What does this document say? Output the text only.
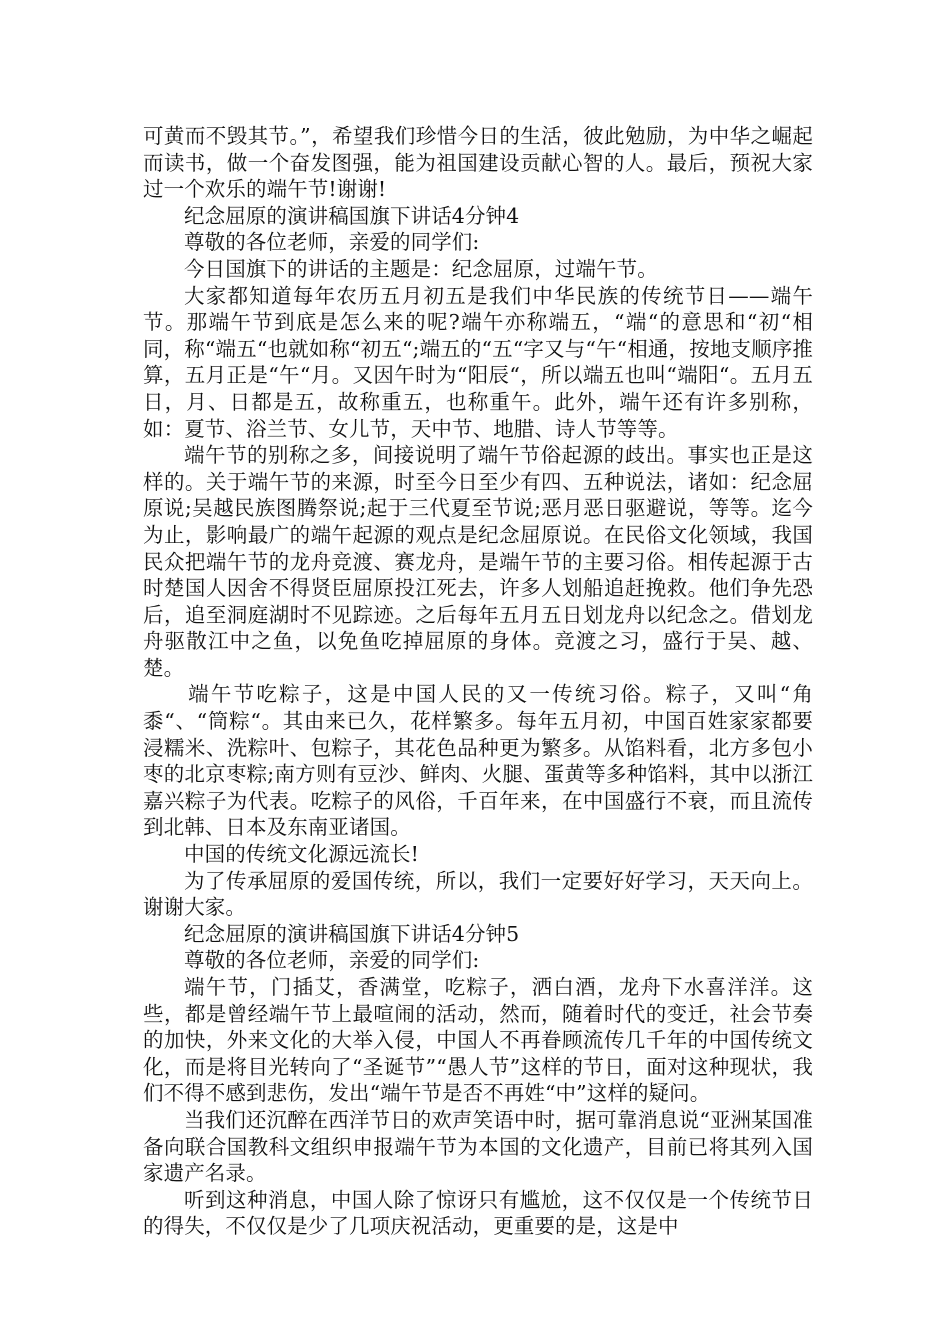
可黄而不毁其节。”，希望我们珍惜今日的生活，彼此勉励，为中华之崛起而读书，做一个奋发图强，能为祖国建设贡献心智的人。最后，预祝大家过一个欢乐的端午节!谢谢!

纪念屈原的演讲稿国旗下讲话4分钟4

尊敬的各位老师，亲爱的同学们:

今日国旗下的讲话的主题是：纪念屈原，过端午节。

大家都知道每年农历五月初五是我们中华民族的传统节日——端午节。那端午节到底是怎么来的呢?端午亦称端五，“端“的意思和“初“相同，称“端五“也就如称“初五“;端五的“五“字又与“午“相通，按地支顺序推算，五月正是“午“月。又因午时为“阳辰“，所以端五也叫“端阳“。五月五日，月、日都是五，故称重五，也称重午。此外，端午还有许多别称，如：夏节、浴兰节、女儿节，天中节、地腊、诗人节等等。

端午节的别称之多，间接说明了端午节俗起源的歧出。事实也正是这样的。关于端午节的来源，时至今日至少有四、五种说法，诸如：纪念屈原说;吴越民族图腾祭说;起于三代夏至节说;恶月恶日驱避说，等等。迄今为止，影响最广的端午起源的观点是纪念屈原说。在民俗文化领域，我国民众把端午节的龙舟竞渡、赛龙舟，是端午节的主要习俗。相传起源于古时楚国人因舍不得贤臣屈原投江死去，许多人划船追赶挽救。他们争先恐后，追至洞庭湖时不见踪迹。之后每年五月五日划龙舟以纪念之。借划龙舟驱散江中之鱼，以免鱼吃掉屈原的身体。竞渡之习，盛行于吴、越、楚。

端午节吃粽子，这是中国人民的又一传统习俗。粽子，又叫“角黍“、“筒粽“。其由来已久，花样繁多。每年五月初，中国百姓家家都要浸糯米、洗粽叶、包粽子，其花色品种更为繁多。从馅料看，北方多包小枣的北京枣粽;南方则有豆沙、鲜肉、火腿、蛋黄等多种馅料，其中以浙江嘉兴粽子为代表。吃粽子的风俗，千百年来，在中国盛行不衰，而且流传到北韩、日本及东南亚诸国。

中国的传统文化源远流长!

为了传承屈原的爱国传统，所以，我们一定要好好学习，天天向上。谢谢大家。

纪念屈原的演讲稿国旗下讲话4分钟5

尊敬的各位老师，亲爱的同学们:

端午节，门插艾，香满堂，吃粽子，洒白酒，龙舟下水喜洋洋。这些，都是曾经端午节上最喧闹的活动，然而，随着时代的变迁，社会节奏的加快，外来文化的大举入侵，中国人不再眷顾流传几千年的中国传统文化，而是将目光转向了“圣诞节”“愚人节”这样的节日，面对这种现状，我们不得不感到悲伤，发出“端午节是否不再姓“中”这样的疑问。

当我们还沉醉在西洋节日的欢声笑语中时，据可靠消息说“亚洲某国准备向联合国教科文组织申报端午节为本国的文化遗产，目前已将其列入国家遗产名录。

听到这种消息，中国人除了惊讶只有尴尬，这不仅仅是一个传统节日的得失，不仅仅是少了几项庆祝活动，更重要的是，这是中
